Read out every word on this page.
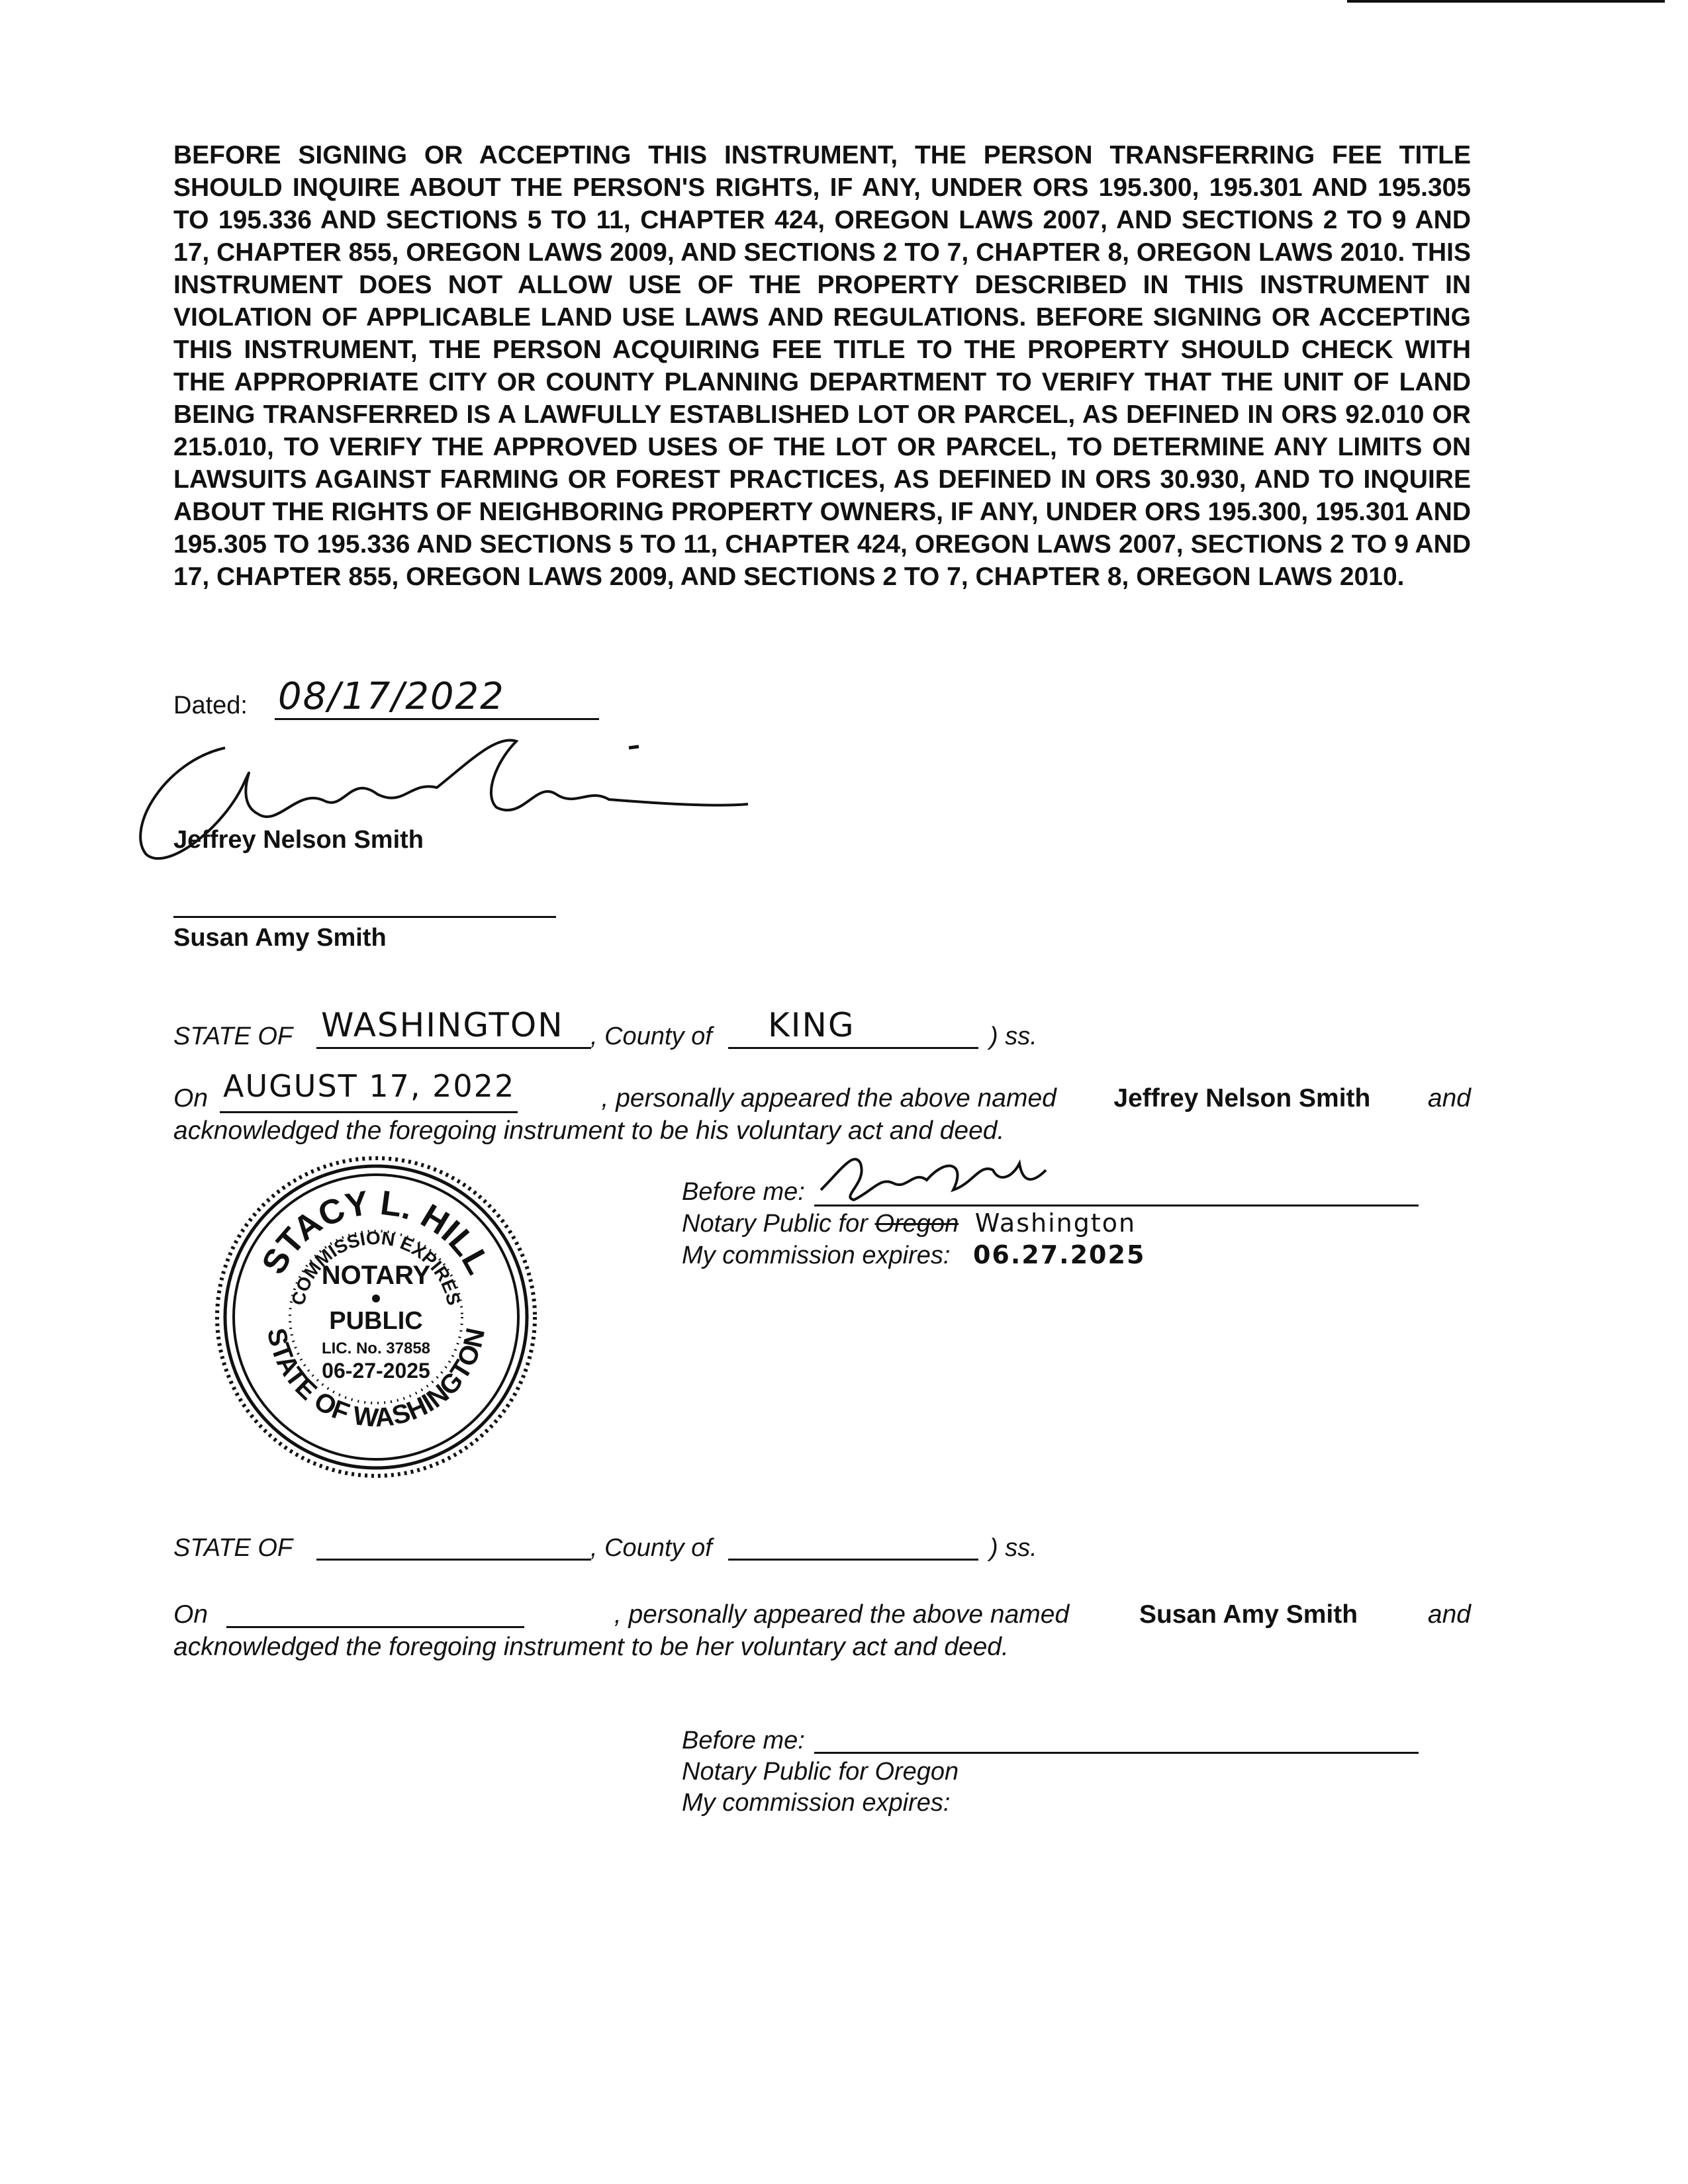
BEFORE SIGNING OR ACCEPTING THIS INSTRUMENT, THE PERSON TRANSFERRING FEE TITLE SHOULD INQUIRE ABOUT THE PERSON'S RIGHTS, IF ANY, UNDER ORS 195.300, 195.301 AND 195.305 TO 195.336 AND SECTIONS 5 TO 11, CHAPTER 424, OREGON LAWS 2007, AND SECTIONS 2 TO 9 AND 17, CHAPTER 855, OREGON LAWS 2009, AND SECTIONS 2 TO 7, CHAPTER 8, OREGON LAWS 2010. THIS INSTRUMENT DOES NOT ALLOW USE OF THE PROPERTY DESCRIBED IN THIS INSTRUMENT IN VIOLATION OF APPLICABLE LAND USE LAWS AND REGULATIONS. BEFORE SIGNING OR ACCEPTING THIS INSTRUMENT, THE PERSON ACQUIRING FEE TITLE TO THE PROPERTY SHOULD CHECK WITH THE APPROPRIATE CITY OR COUNTY PLANNING DEPARTMENT TO VERIFY THAT THE UNIT OF LAND BEING TRANSFERRED IS A LAWFULLY ESTABLISHED LOT OR PARCEL, AS DEFINED IN ORS 92.010 OR 215.010, TO VERIFY THE APPROVED USES OF THE LOT OR PARCEL, TO DETERMINE ANY LIMITS ON LAWSUITS AGAINST FARMING OR FOREST PRACTICES, AS DEFINED IN ORS 30.930, AND TO INQUIRE ABOUT THE RIGHTS OF NEIGHBORING PROPERTY OWNERS, IF ANY, UNDER ORS 195.300, 195.301 AND 195.305 TO 195.336 AND SECTIONS 5 TO 11, CHAPTER 424, OREGON LAWS 2007, SECTIONS 2 TO 9 AND 17, CHAPTER 855, OREGON LAWS 2009, AND SECTIONS 2 TO 7, CHAPTER 8, OREGON LAWS 2010.

Dated: 08/17/2022
Jeffrey Nelson Smith
Susan Amy Smith
STATE OF WASHINGTON , County of KING	) ss.
On AUGUST 17, 2022	, personally appeared the above named Jeffrey Nelson Smith and
acknowledged the foregoing instrument to be his voluntary act and deed.
STACY L. HILL
COMMISSION EXPIRES
STATE OF WASHINGTON
NOTARY
PUBLIC
LIC. No. 37858
06-27-2025
Before me:
Notary Public for Oregon Washington
My commission expires: 06.27.2025
STATE OF	, County of	) ss.
On	, personally appeared the above named	Susan Amy Smith	and
acknowledged the foregoing instrument to be her voluntary act and deed.
Before me:
Notary Public for Oregon
My commission expires:
